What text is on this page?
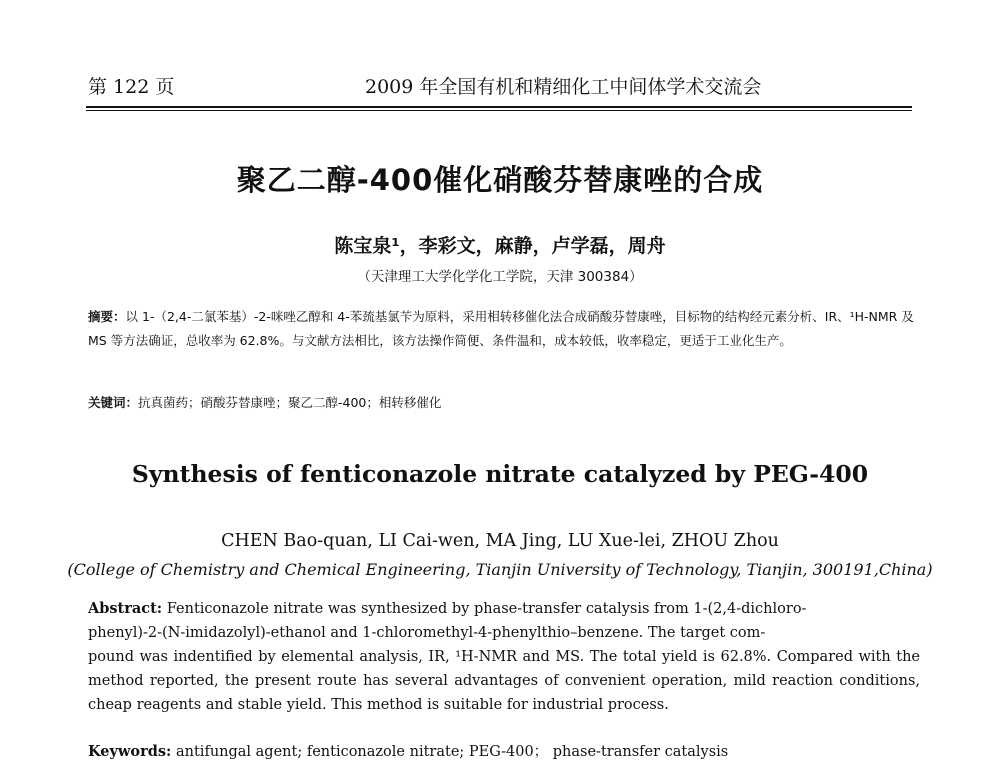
第 122 页	2009 年全国有机和精细化工中间体学术交流会
聚乙二醇-400催化硝酸芬替康唑的合成
陈宝泉¹，李彩文，麻静，卢学磊，周舟
（天津理工大学化学化工学院，天津 300384）
摘要：以 1-（2,4-二氯苯基）-2-咪唑乙醇和 4-苯巯基氯苄为原料，采用相转移催化法合成硝酸芬替康唑，目标物的结构经元素分析、IR、¹H-NMR 及 MS 等方法确证，总收率为 62.8%。与文献方法相比，该方法操作简便、条件温和，成本较低，收率稳定，更适于工业化生产。
关键词：抗真菌药；硝酸芬替康唑；聚乙二醇-400；相转移催化
Synthesis of fenticonazole nitrate catalyzed by PEG-400
CHEN Bao-quan, LI Cai-wen, MA Jing, LU Xue-lei, ZHOU Zhou
(College of Chemistry and Chemical Engineering, Tianjin University of Technology, Tianjin, 300191,China)
Abstract: Fenticonazole nitrate was synthesized by phase-transfer catalysis from 1-(2,4-dichloro-
phenyl)-2-(N-imidazolyl)-ethanol and 1-chloromethyl-4-phenylthio–benzene. The target com-
pound was indentified by elemental analysis, IR, ¹H-NMR and MS. The total yield is 62.8%. Compared with the
method reported, the present route has several advantages of convenient operation, mild reaction conditions,
cheap reagents and stable yield. This method is suitable for industrial process.
Keywords: antifungal agent; fenticonazole nitrate; PEG-400； phase-transfer catalysis
